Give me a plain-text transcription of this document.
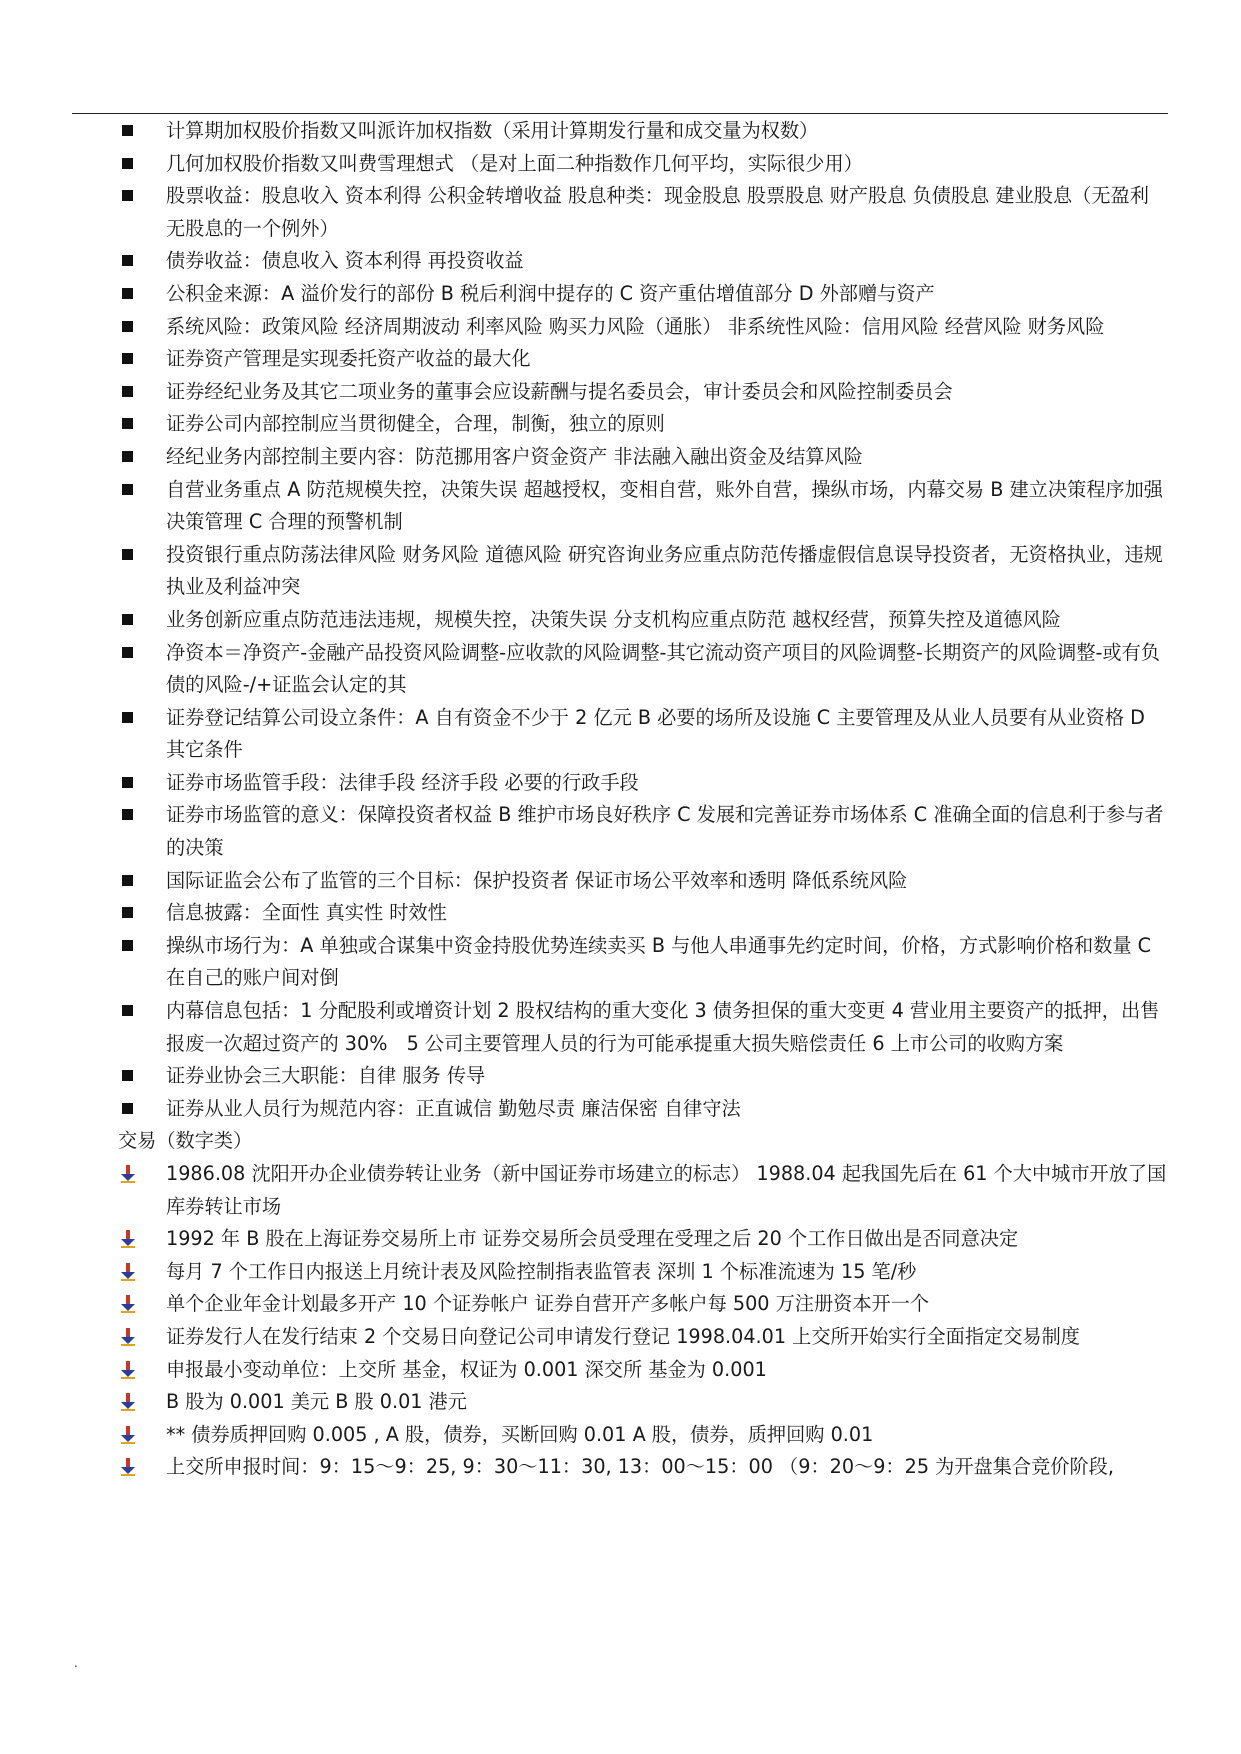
计算期加权股价指数又叫派许加权指数（采用计算期发行量和成交量为权数）
几何加权股价指数又叫费雪理想式 （是对上面二种指数作几何平均，实际很少用）
股票收益：股息收入 资本利得 公积金转增收益 股息种类：现金股息 股票股息 财产股息 负债股息 建业股息（无盈利无股息的一个例外）
债券收益：债息收入 资本利得 再投资收益
公积金来源：A 溢价发行的部份 B 税后利润中提存的 C 资产重估增值部分 D 外部赠与资产
系统风险：政策风险 经济周期波动 利率风险 购买力风险（通胀） 非系统性风险：信用风险 经营风险 财务风险
证券资产管理是实现委托资产收益的最大化
证券经纪业务及其它二项业务的董事会应设薪酬与提名委员会，审计委员会和风险控制委员会
证券公司内部控制应当贯彻健全，合理，制衡，独立的原则
经纪业务内部控制主要内容：防范挪用客户资金资产 非法融入融出资金及结算风险
自营业务重点 A 防范规模失控，决策失误 超越授权，变相自营，账外自营，操纵市场，内幕交易 B 建立决策程序加强决策管理 C 合理的预警机制
投资银行重点防荡法律风险 财务风险 道德风险 研究咨询业务应重点防范传播虚假信息误导投资者，无资格执业，违规执业及利益冲突
业务创新应重点防范违法违规，规模失控，决策失误 分支机构应重点防范 越权经营，预算失控及道德风险
净资本＝净资产-金融产品投资风险调整-应收款的风险调整-其它流动资产项目的风险调整-长期资产的风险调整-或有负债的风险-/+证监会认定的其
证券登记结算公司设立条件：A 自有资金不少于 2 亿元 B 必要的场所及设施 C 主要管理及从业人员要有从业资格 D 其它条件
证券市场监管手段：法律手段 经济手段 必要的行政手段
证券市场监管的意义：保障投资者权益 B 维护市场良好秩序 C 发展和完善证券市场体系 C 准确全面的信息利于参与者的决策
国际证监会公布了监管的三个目标：保护投资者 保证市场公平效率和透明 降低系统风险
信息披露：全面性 真实性 时效性
操纵市场行为：A 单独或合谋集中资金持股优势连续卖买 B 与他人串通事先约定时间，价格，方式影响价格和数量 C 在自己的账户间对倒
内幕信息包括：1 分配股利或增资计划 2 股权结构的重大变化 3 债务担保的重大变更 4 营业用主要资产的抵押，出售报废一次超过资产的 30%　5 公司主要管理人员的行为可能承提重大损失赔偿责任 6 上市公司的收购方案
证券业协会三大职能：自律 服务 传导
证券从业人员行为规范内容：正直诚信 勤勉尽责 廉洁保密 自律守法
交易（数字类）
1986.08 沈阳开办企业债券转让业务（新中国证券市场建立的标志） 1988.04 起我国先后在 61 个大中城市开放了国库券转让市场
1992 年 B 股在上海证券交易所上市 证券交易所会员受理在受理之后 20 个工作日做出是否同意决定
每月 7 个工作日内报送上月统计表及风险控制指表监管表 深圳 1 个标准流速为 15 笔/秒
单个企业年金计划最多开产 10 个证券帐户 证券自营开产多帐户每 500 万注册资本开一个
证券发行人在发行结束 2 个交易日向登记公司申请发行登记 1998.04.01 上交所开始实行全面指定交易制度
申报最小变动单位：上交所 基金，权证为 0.001 深交所 基金为 0.001
B 股为 0.001 美元 B 股 0.01 港元
** 债券质押回购 0.005 , A 股，债券，买断回购 0.01 A 股，债券，质押回购 0.01
上交所申报时间：9：15～9：25, 9：30～11：30, 13：00～15：00 （9：20～9：25 为开盘集合竞价阶段,
.
